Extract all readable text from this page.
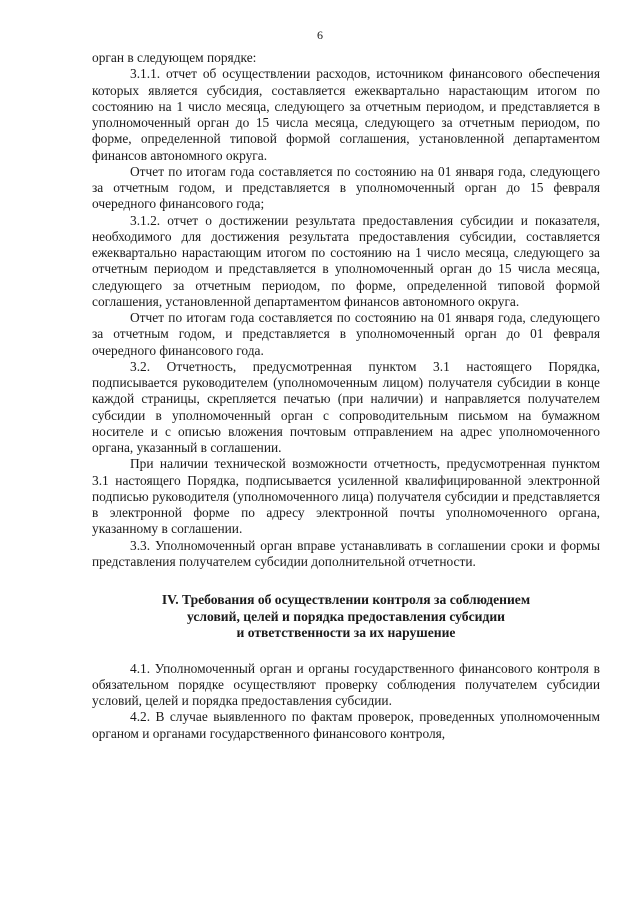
6

орган в следующем порядке:

3.1.1. отчет об осуществлении расходов, источником финансового обеспечения которых является субсидия, составляется ежеквартально нарастающим итогом по состоянию на 1 число месяца, следующего за отчетным периодом, и представляется в уполномоченный орган до 15 числа месяца, следующего за отчетным периодом, по форме, определенной типовой формой соглашения, установленной департаментом финансов автономного округа.

Отчет по итогам года составляется по состоянию на 01 января года, следующего за отчетным годом, и представляется в уполномоченный орган до 15 февраля очередного финансового года;

3.1.2. отчет о достижении результата предоставления субсидии и показателя, необходимого для достижения результата предоставления субсидии, составляется ежеквартально нарастающим итогом по состоянию на 1 число месяца, следующего за отчетным периодом и представляется в уполномоченный орган до 15 числа месяца, следующего за отчетным периодом, по форме, определенной типовой формой соглашения, установленной департаментом финансов автономного округа.

Отчет по итогам года составляется по состоянию на 01 января года, следующего за отчетным годом, и представляется в уполномоченный орган до 01 февраля очередного финансового года.

3.2. Отчетность, предусмотренная пунктом 3.1 настоящего Порядка, подписывается руководителем (уполномоченным лицом) получателя субсидии в конце каждой страницы, скрепляется печатью (при наличии) и направляется получателем субсидии в уполномоченный орган с сопроводительным письмом на бумажном носителе и с описью вложения почтовым отправлением на адрес уполномоченного органа, указанный в соглашении.

При наличии технической возможности отчетность, предусмотренная пунктом 3.1 настоящего Порядка, подписывается усиленной квалифицированной электронной подписью руководителя (уполномоченного лица) получателя субсидии и представляется в электронной форме по адресу электронной почты уполномоченного органа, указанному в соглашении.

3.3. Уполномоченный орган вправе устанавливать в соглашении сроки и формы представления получателем субсидии дополнительной отчетности.

IV. Требования об осуществлении контроля за соблюдением
условий, целей и порядка предоставления субсидии
и ответственности за их нарушение

4.1. Уполномоченный орган и органы государственного финансового контроля в обязательном порядке осуществляют проверку соблюдения получателем субсидии условий, целей и порядка предоставления субсидии.

4.2. В случае выявленного по фактам проверок, проведенных уполномоченным органом и органами государственного финансового контроля,
